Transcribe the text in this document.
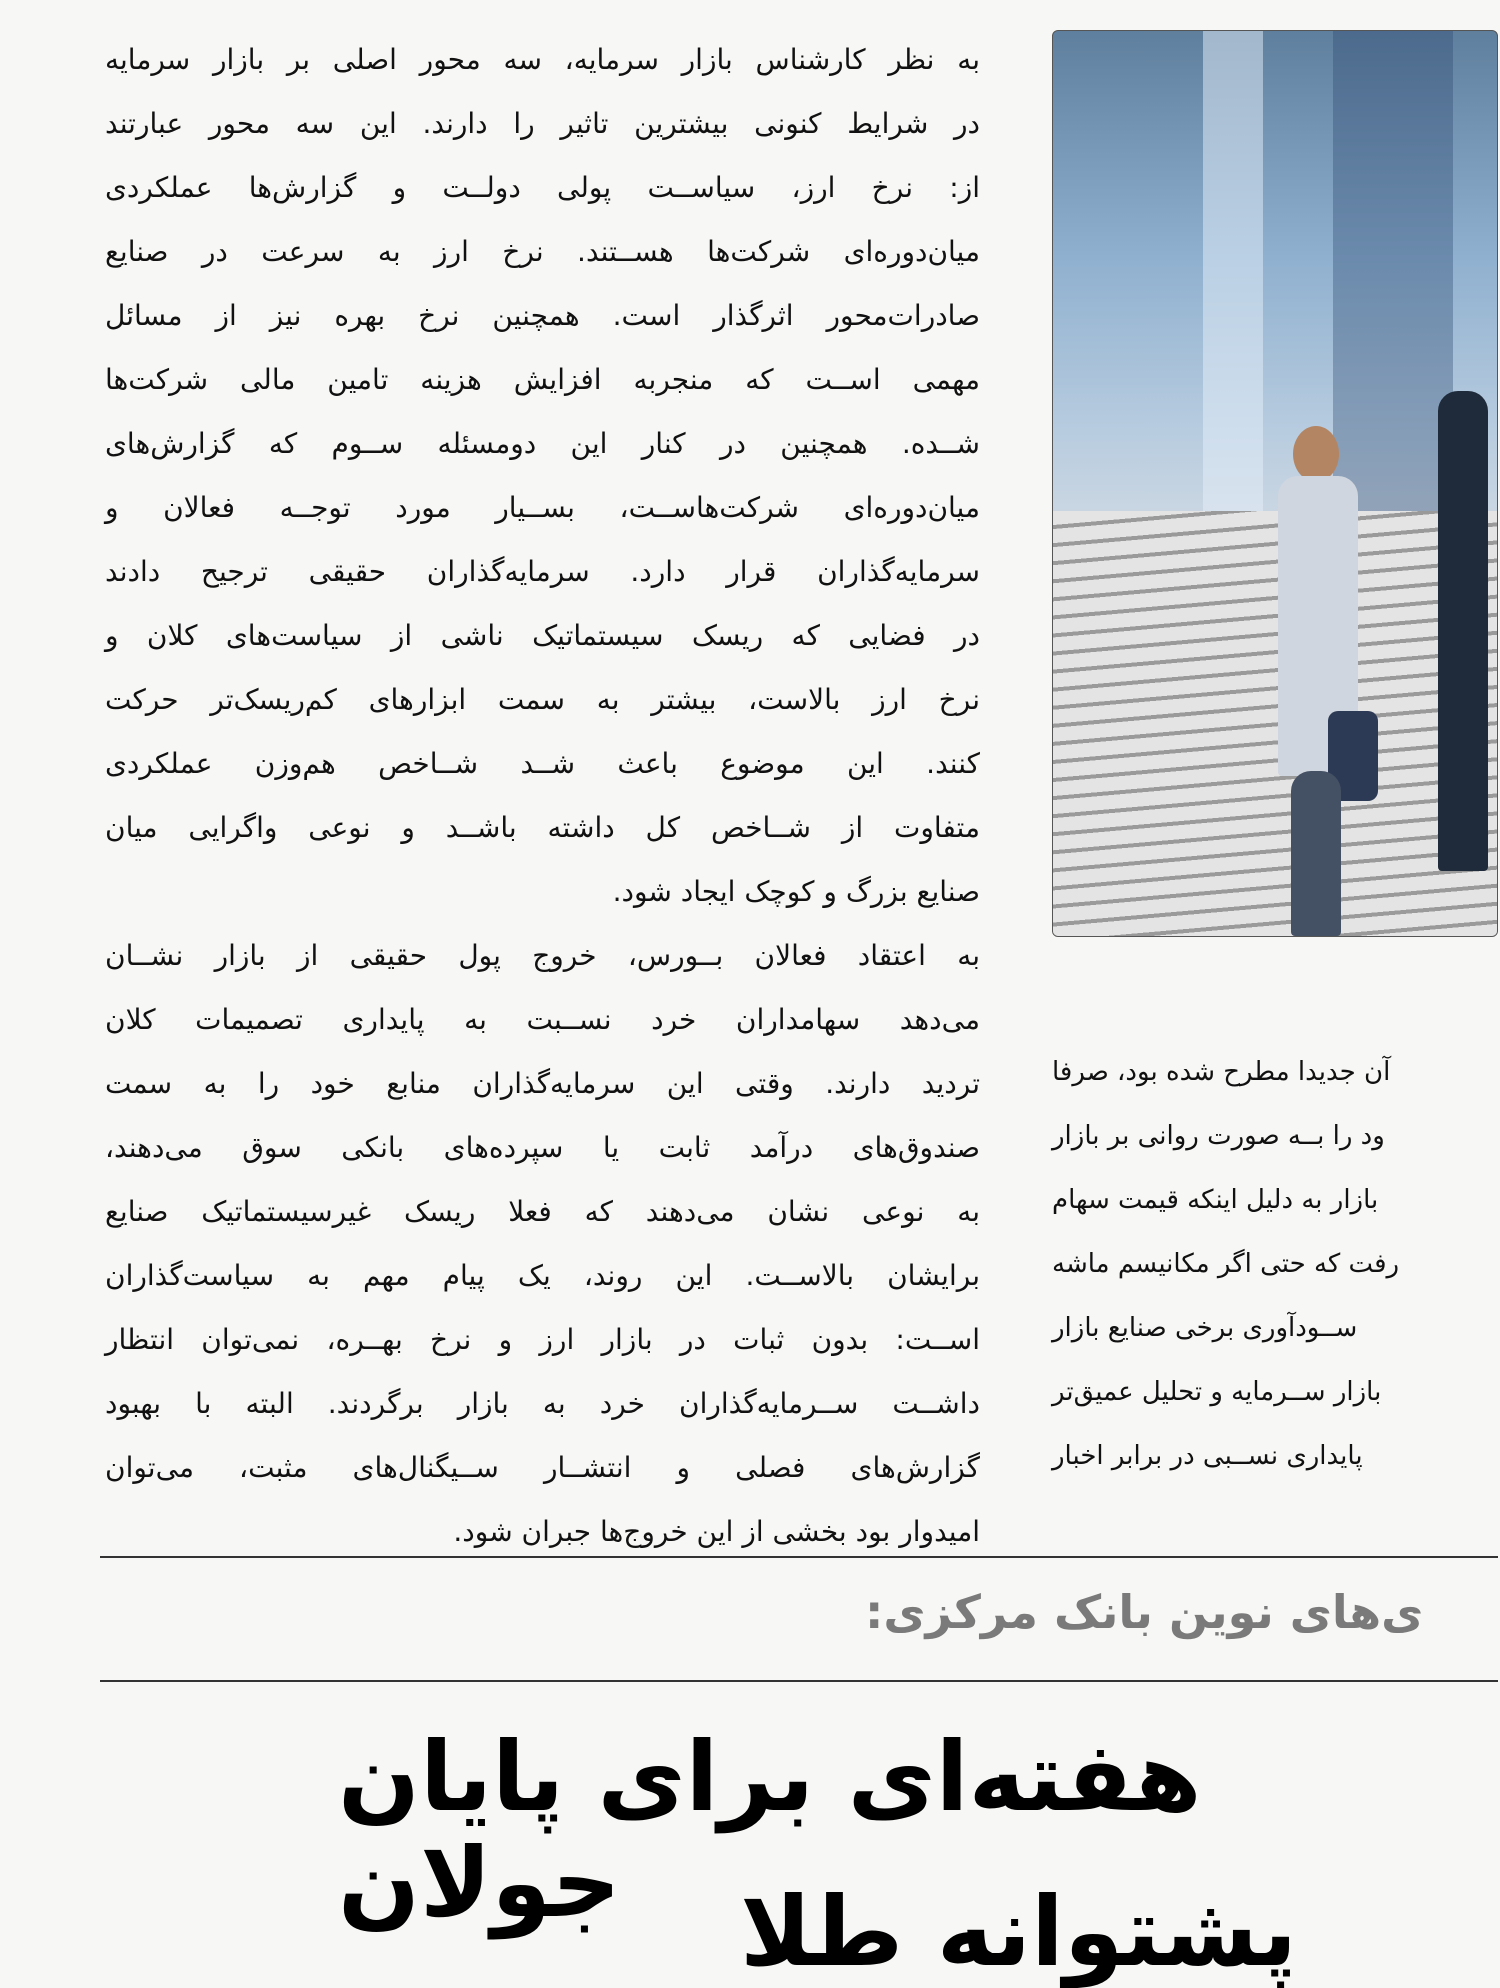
به نظر کارشناس بازار سرمایه، سه محور اصلی بر بازار سرمایه
در شرایط کنونی بیشترین تاثیر را دارند. این سه محور عبارتند
از: نرخ ارز، سیاســت پولی دولــت و گزارش‌ها عملکردی
میان‌دوره‌ای شرکت‌ها هســتند. نرخ ارز به سرعت در صنایع
صادرات‌محور اثرگذار است. همچنین نرخ بهره نیز از مسائل
مهمی اســت که منجربه افزایش هزینه تامین مالی شرکت‌ها
شــده. همچنین در کنار این دومسئله ســوم که گزارش‌های
میان‌دوره‌ای شرکت‌هاســت، بســیار مورد توجــه فعالان و
سرمایه‌گذاران قرار دارد. سرمایه‌گذاران حقیقی ترجیح دادند
در فضایی که ریسک سیستماتیک ناشی از سیاست‌های کلان و
نرخ ارز بالاست، بیشتر به سمت ابزارهای کم‌ریسک‌تر حرکت
کنند. این موضوع باعث شــد شــاخص هم‌وزن عملکردی
متفاوت از شــاخص کل داشته باشــد و نوعی واگرایی میان
صنایع بزرگ و کوچک ایجاد شود.
به اعتقاد فعالان بــورس، خروج پول حقیقی از بازار نشــان
می‌دهد سهامداران خرد نســبت به پایداری تصمیمات کلان
تردید دارند. وقتی این سرمایه‌گذاران منابع خود را به سمت
صندوق‌های درآمد ثابت یا سپرده‌های بانکی سوق می‌دهند،
به نوعی نشان می‌دهند که فعلا ریسک غیرسیستماتیک صنایع
برایشان بالاســت. این روند، یک پیام مهم به سیاست‌گذاران
اســت: بدون ثبات در بازار ارز و نرخ بهــره، نمی‌توان انتظار
داشــت ســرمایه‌گذاران خرد به بازار برگردند. البته با بهبود
گزارش‌های فصلی و انتشــار ســیگنال‌های مثبت، می‌توان
امیدوار بود بخشی از این خروج‌ها جبران شود.
آن جدیدا مطرح شده بود، صرفا
ود را بــه صورت روانی بر بازار
بازار به دلیل اینکه قیمت سهام
رفت که حتی اگر مکانیسم ماشه
ســودآوری برخی صنایع بازار
بازار ســرمایه و تحلیل عمیق‌تر
پایداری نســبی در برابر اخبار
ی‌های نوین بانک مرکزی:
هفته‌ای برای پایان جولان	پشتوانه طلا
